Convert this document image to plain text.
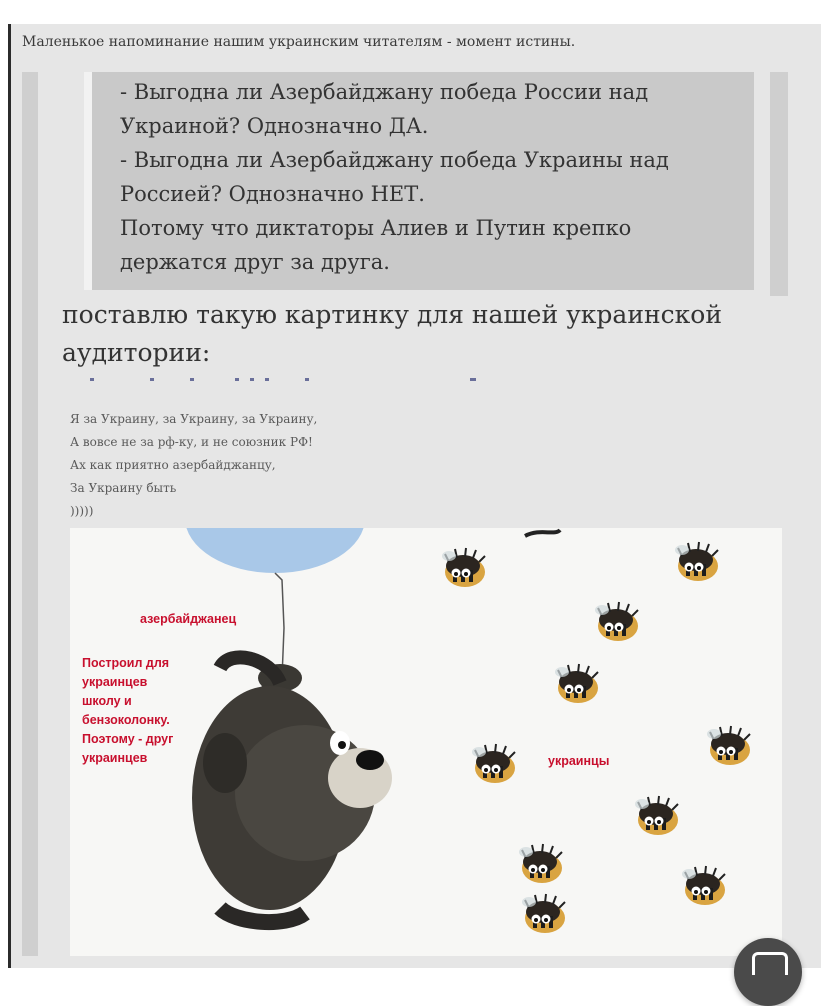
Маленькое напоминание нашим украинским читателям - момент истины.
- Выгодна ли Азербайджану победа России над
Украиной? Однозначно ДА.
- Выгодна ли Азербайджану победа Украины над
Россией? Однозначно НЕТ.
Потому что диктаторы Алиев и Путин крепко
держатся друг за друга.
поставлю такую картинку для нашей украинской
аудитории:
Я за Украину, за Украину, за Украину,
А вовсе не за рф-ку, и не союзник РФ!
Ах как приятно азербайджанцу,
За Украину быть
)))))
азербайджанец
Построил для
украинцев
школу и
бензоколонку.
Поэтому - друг
украинцев	украинцы
